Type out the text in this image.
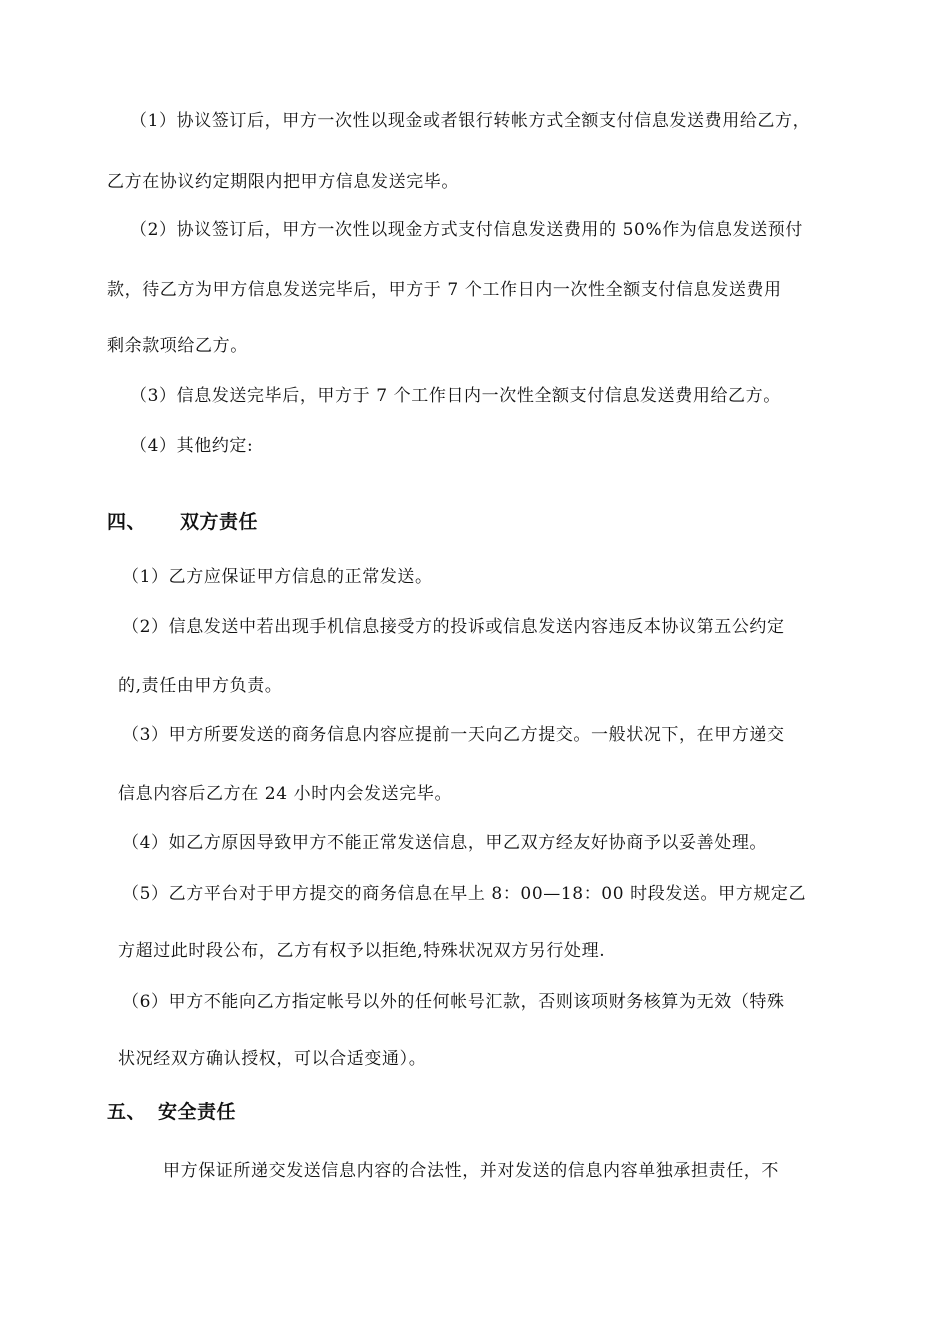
（1）协议签订后，甲方一次性以现金或者银行转帐方式全额支付信息发送费用给乙方，
乙方在协议约定期限内把甲方信息发送完毕。
（2）协议签订后，甲方一次性以现金方式支付信息发送费用的 50%作为信息发送预付
款，待乙方为甲方信息发送完毕后，甲方于 7 个工作日内一次性全额支付信息发送费用
剩余款项给乙方。
（3）信息发送完毕后，甲方于 7 个工作日内一次性全额支付信息发送费用给乙方。
（4）其他约定:
四、 双方责任
（1）乙方应保证甲方信息的正常发送。
（2）信息发送中若出现手机信息接受方的投诉或信息发送内容违反本协议第五公约定
的,责任由甲方负责。
（3）甲方所要发送的商务信息内容应提前一天向乙方提交。一般状况下，在甲方递交
信息内容后乙方在 24 小时内会发送完毕。
（4）如乙方原因导致甲方不能正常发送信息，甲乙双方经友好协商予以妥善处理。
（5）乙方平台对于甲方提交的商务信息在早上 8：00—18：00 时段发送。甲方规定乙
方超过此时段公布，乙方有权予以拒绝,特殊状况双方另行处理.
（6）甲方不能向乙方指定帐号以外的任何帐号汇款，否则该项财务核算为无效（特殊
状况经双方确认授权，可以合适变通）。
五、 安全责任
甲方保证所递交发送信息内容的合法性，并对发送的信息内容单独承担责任，不
